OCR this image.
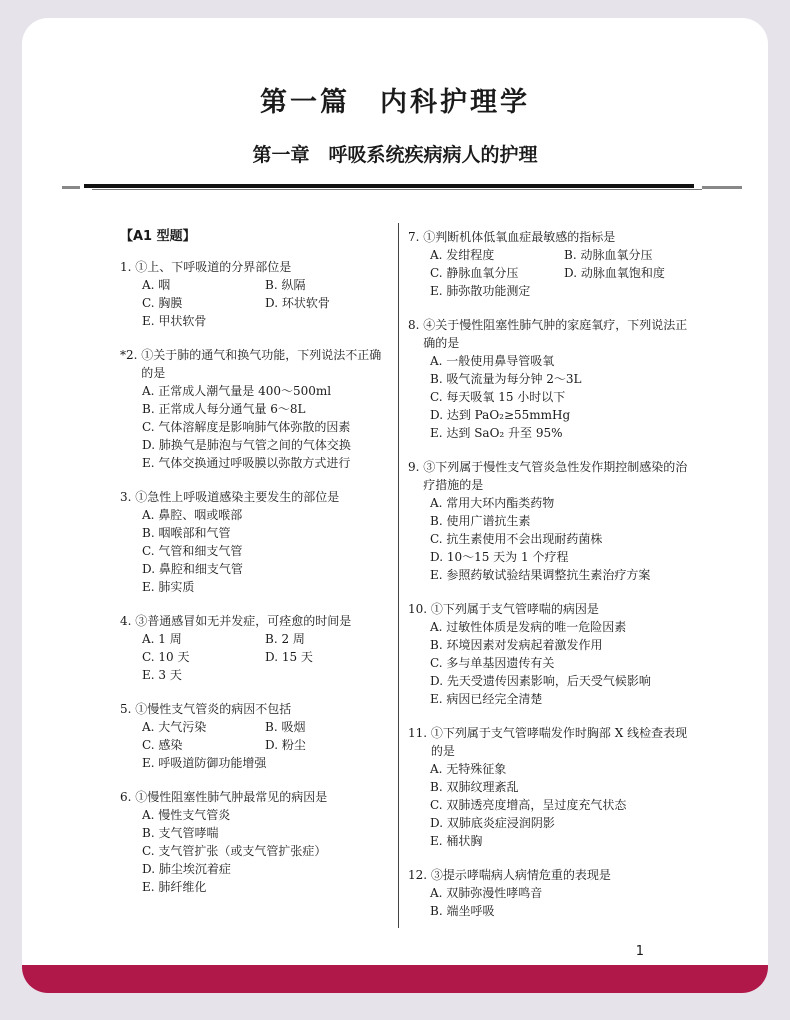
第一篇　内科护理学
第一章　呼吸系统疾病病人的护理
【A1 型题】
1. ①上、下呼吸道的分界部位是
A. 咽	B. 纵隔
C. 胸膜	D. 环状软骨
E. 甲状软骨
*2. ①关于肺的通气和换气功能，下列说法不正确的是
A. 正常成人潮气量是 400～500ml
B. 正常成人每分通气量 6～8L
C. 气体溶解度是影响肺气体弥散的因素
D. 肺换气是肺泡与气管之间的气体交换
E. 气体交换通过呼吸膜以弥散方式进行
3. ①急性上呼吸道感染主要发生的部位是
A. 鼻腔、咽或喉部
B. 咽喉部和气管
C. 气管和细支气管
D. 鼻腔和细支气管
E. 肺实质
4. ③普通感冒如无并发症，可痊愈的时间是
A. 1 周	B. 2 周
C. 10 天	D. 15 天
E. 3 天
5. ①慢性支气管炎的病因不包括
A. 大气污染	B. 吸烟
C. 感染	D. 粉尘
E. 呼吸道防御功能增强
6. ①慢性阻塞性肺气肿最常见的病因是
A. 慢性支气管炎
B. 支气管哮喘
C. 支气管扩张（或支气管扩张症）
D. 肺尘埃沉着症
E. 肺纤维化
7. ①判断机体低氧血症最敏感的指标是
A. 发绀程度	B. 动脉血氧分压
C. 静脉血氧分压	D. 动脉血氧饱和度
E. 肺弥散功能测定
8. ④关于慢性阻塞性肺气肿的家庭氧疗，下列说法正确的是
A. 一般使用鼻导管吸氧
B. 吸气流量为每分钟 2～3L
C. 每天吸氧 15 小时以下
D. 达到 PaO₂≥55mmHg
E. 达到 SaO₂ 升至 95%
9. ③下列属于慢性支气管炎急性发作期控制感染的治疗措施的是
A. 常用大环内酯类药物
B. 使用广谱抗生素
C. 抗生素使用不会出现耐药菌株
D. 10～15 天为 1 个疗程
E. 参照药敏试验结果调整抗生素治疗方案
10. ①下列属于支气管哮喘的病因是
A. 过敏性体质是发病的唯一危险因素
B. 环境因素对发病起着激发作用
C. 多与单基因遗传有关
D. 先天受遗传因素影响，后天受气候影响
E. 病因已经完全清楚
11. ①下列属于支气管哮喘发作时胸部 X 线检查表现的是
A. 无特殊征象
B. 双肺纹理紊乱
C. 双肺透亮度增高，呈过度充气状态
D. 双肺底炎症浸润阴影
E. 桶状胸
12. ③提示哮喘病人病情危重的表现是
A. 双肺弥漫性哮鸣音
B. 端坐呼吸
1
